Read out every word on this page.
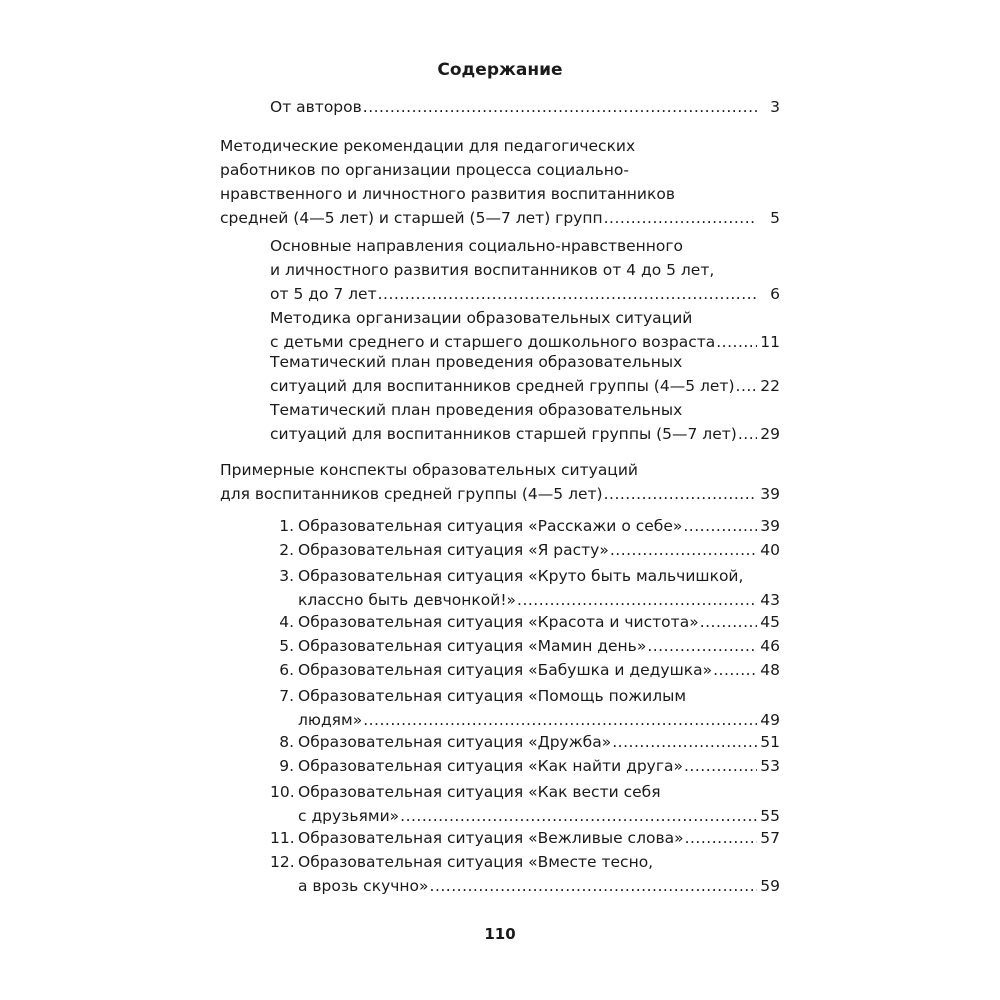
Содержание
От авторов .....	3
Методические рекомендации для педагогических
работников по организации процесса социально-
нравственного и личностного развития воспитанников
средней (4—5 лет) и старшей (5—7 лет) групп .....	5
Основные направления социально-нравственного
и личностного развития воспитанников от 4 до 5 лет,
от 5 до 7 лет .....	6
Методика организации образовательных ситуаций
с детьми среднего и старшего дошкольного возраста .....	11
Тематический план проведения образовательных
ситуаций для воспитанников средней группы (4—5 лет) ..... 22
Тематический план проведения образовательных
ситуаций для воспитанников старшей группы (5—7 лет) ..... 29
Примерные конспекты образовательных ситуаций
для воспитанников средней группы (4—5 лет) .....	39
1. Образовательная ситуация «Расскажи о себе» .....	39
2. Образовательная ситуация «Я расту» .....	40
3. Образовательная ситуация «Круто быть мальчишкой,
классно быть девчонкой!» .....	43
4. Образовательная ситуация «Красота и чистота» .....	45
5. Образовательная ситуация «Мамин день» .....	46
6. Образовательная ситуация «Бабушка и дедушка» .....	48
7. Образовательная ситуация «Помощь пожилым
людям» .....	49
8. Образовательная ситуация «Дружба» .....	51
9. Образовательная ситуация «Как найти друга» .....	53
10. Образовательная ситуация «Как вести себя
с друзьями» .....	55
11. Образовательная ситуация «Вежливые слова» .....	57
12. Образовательная ситуация «Вместе тесно,
а врозь скучно» .....	59
110
